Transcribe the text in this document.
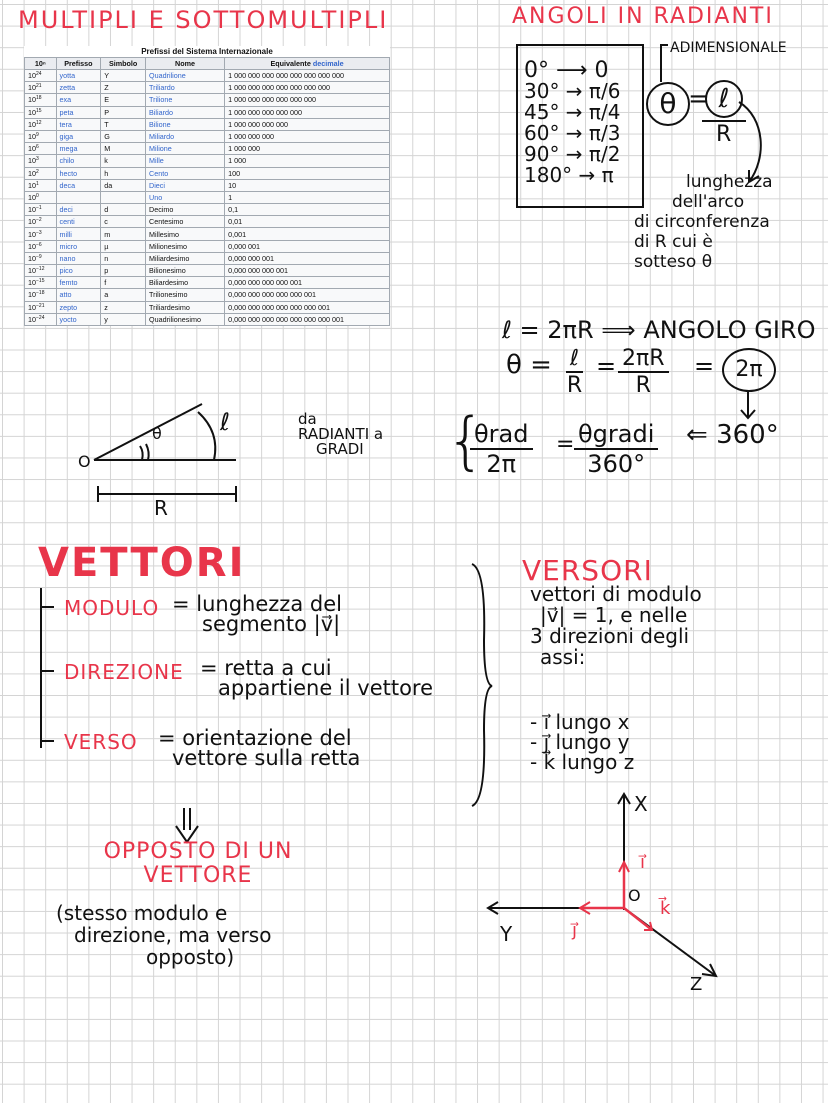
MULTIPLI E SOTTOMULTIPLI
Prefissi del Sistema Internazionale
10ⁿ	Prefisso	Simbolo	Nome	Equivalente decimale
$10^{24}$	yotta	Y	Quadrilione	1 000 000 000 000 000 000 000 000
$10^{21}$	zetta	Z	Triliardo	1 000 000 000 000 000 000 000
$10^{18}$	exa	E	Trilione	1 000 000 000 000 000 000
$10^{15}$	peta	P	Biliardo	1 000 000 000 000 000
$10^{12}$	tera	T	Bilione	1 000 000 000 000
$10^9$	giga	G	Miliardo	1 000 000 000
$10^6$	mega	M	Milione	1 000 000
$10^3$	chilo	k	Mille	1 000
$10^2$	hecto	h	Cento	100
$10^1$	deca	da	Dieci	10
$10^0$			Uno	1
$10^{-1}$	deci	d	Decimo	0,1
$10^{-2}$	centi	c	Centesimo	0,01
$10^{-3}$	milli	m	Millesimo	0,001
$10^{-6}$	micro	µ	Milionesimo	0,000 001
$10^{-9}$	nano	n	Miliardesimo	0,000 000 001
$10^{-12}$	pico	p	Bilionesimo	0,000 000 000 001
$10^{-15}$	femto	f	Biliardesimo	0,000 000 000 000 001
$10^{-18}$	atto	a	Trilionesimo	0,000 000 000 000 000 001
$10^{-21}$	zepto	z	Triliardesimo	0,000 000 000 000 000 000 001
$10^{-24}$	yocto	y	Quadrilionesimo	0,000 000 000 000 000 000 000 001
ANGOLI IN RADIANTI
0° ⟶ 0
30° → π/6
45° → π/4
60° → π/3
90° → π/2
180° → π
ADIMENSIONALE
θ = ℓ
R
lunghezza
dell'arco
di circonferenza
di R cui è
sotteso θ
ℓ = 2πR ⟹ ANGOLO GIRO
θ = ℓ
R
= $\frac{2\pi R}{R} = 2\pi$
O
θ ℓ
R
da
RADIANTI a
GRADI	{
θrad
2π
= θgradi
360°
⇐ 360°
VETTORI
MODULO = lunghezza del
segmento |v⃗|
DIREZIONE = retta a cui
appartiene il vettore
VERSO = orientazione del
vettore sulla retta
VERSORI
vettori di modulo
|v⃗| = 1, e nelle
3 direzioni degli
assi:
- i⃗ lungo x
- j⃗ lungo y
- k⃗ lungo z
OPPOSTO DI UN VETTORE
(stesso modulo e
direzione, ma verso
opposto)
X
Y
Z
O
i⃗
j⃗
k⃗
